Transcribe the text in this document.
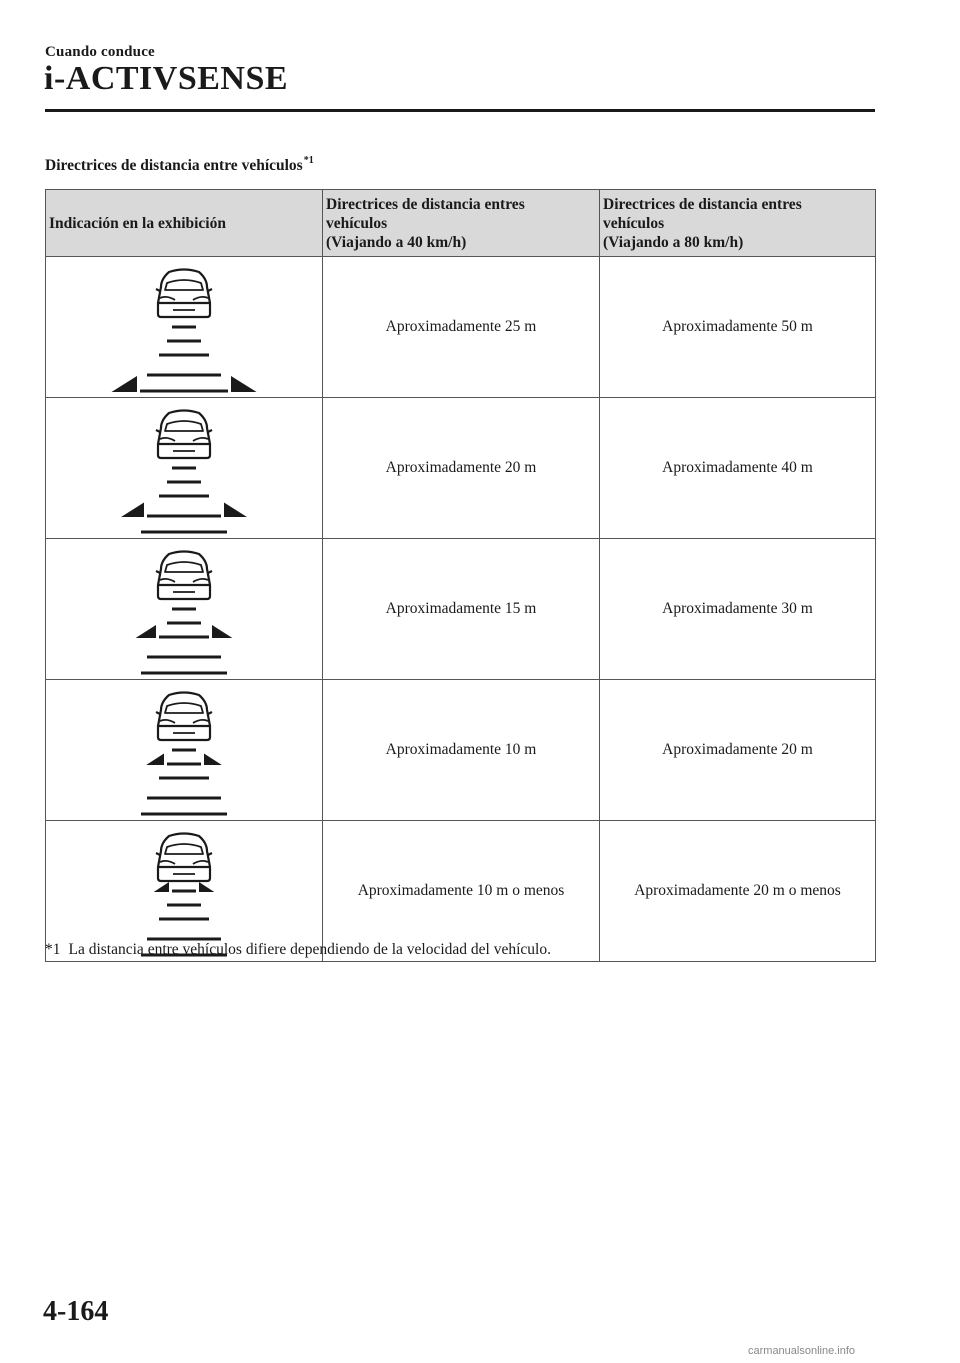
Cuando conduce
i-ACTIVSENSE
Directrices de distancia entre vehículos$^{*1}$
Indicación en la exhibición	Directrices de distancia entres
vehículos
(Viajando a 40 km/h)	Directrices de distancia entres
vehículos
(Viajando a 80 km/h)

	Aproximadamente 25 m	Aproximadamente 50 m

	Aproximadamente 20 m	Aproximadamente 40 m

	Aproximadamente 15 m	Aproximadamente 30 m

	Aproximadamente 10 m	Aproximadamente 20 m

	Aproximadamente 10 m o menos	Aproximadamente 20 m o menos
*1 La distancia entre vehículos difiere dependiendo de la velocidad del vehículo.
4-164
carmanualsonline.info
